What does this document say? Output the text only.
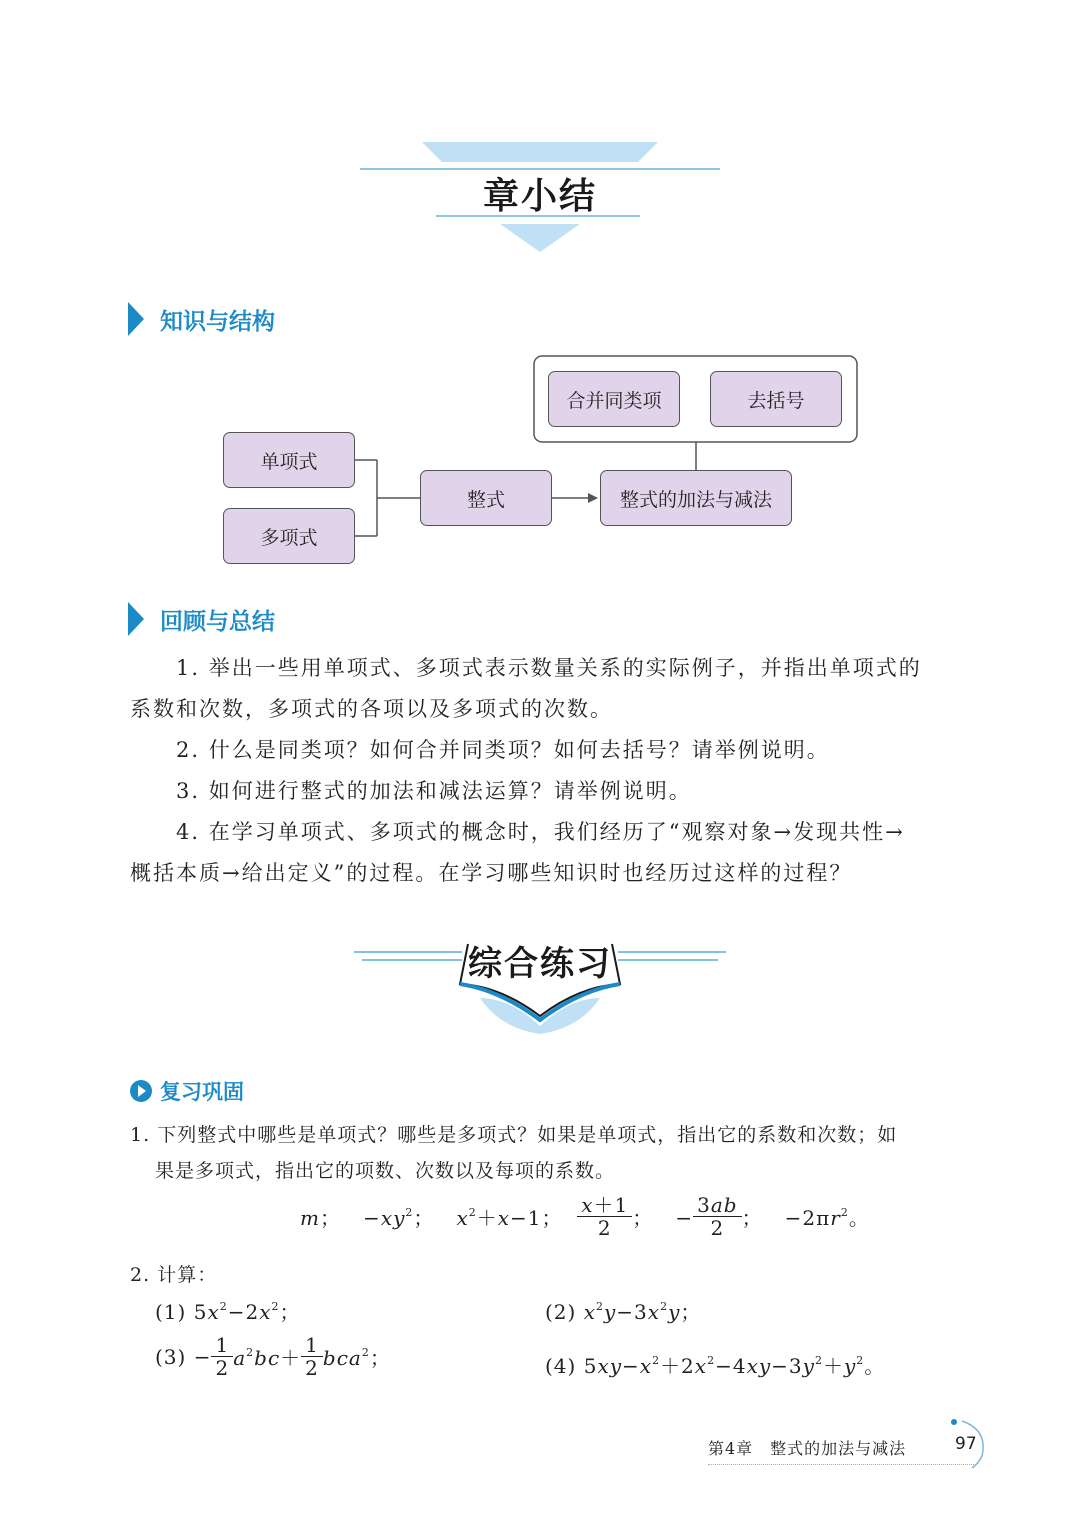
章小结
知识与结构
单项式
多项式
整式	整式的加法与减法
合并同类项	去括号
回顾与总结
1. 举出一些用单项式、多项式表示数量关系的实际例子，并指出单项式的
系数和次数，多项式的各项以及多项式的次数。
2. 什么是同类项？如何合并同类项？如何去括号？请举例说明。
3. 如何进行整式的加法和减法运算？请举例说明。
4. 在学习单项式、多项式的概念时，我们经历了“观察对象→发现共性→
概括本质→给出定义”的过程。在学习哪些知识时也经历过这样的过程？
综合练习
复习巩固
1. 下列整式中哪些是单项式？哪些是多项式？如果是单项式，指出它的系数和次数；如
果是多项式，指出它的项数、次数以及每项的系数。
m；   $-xy^2$；   $x^2+x-1$； $\frac{x+1}{2}$ ；   − $\frac{3ab}{2}$ ；   $-2\pi r^2$。
2. 计算：
(1) $5x^2-2x^2$；	(2) $x^2y-3x^2y$；
$(3) - \frac{1}{2} a^2bc+ \frac{1}{2} bca^2$；	(4) $5xy-x^2+2x^2-4xy-3y^2+y^2$。
第4章　整式的加法与减法	97
